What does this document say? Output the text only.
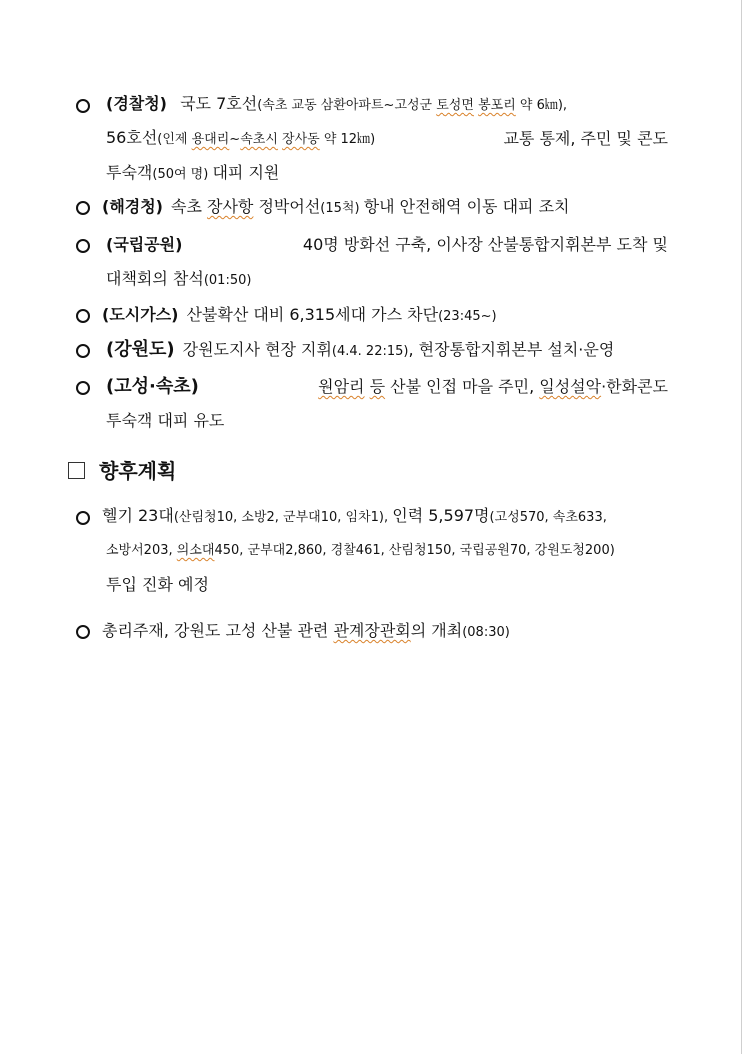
(경찰청) 국도 7호선(속초 교동 삼환아파트~고성군 토성면 봉포리 약 6㎞),
56호선(인제 용대리~속초시 장사동 약 12㎞)	교통 통제, 주민 및 콘도
투숙객(50여 명) 대피 지원
(해경청) 속초 장사항 정박어선(15척) 항내 안전해역 이동 대피 조치
(국립공원)	40명 방화선 구축, 이사장 산불통합지휘본부 도착 및
대책회의 참석(01:50)
(도시가스) 산불확산 대비 6,315세대 가스 차단(23:45~)
(강원도) 강원도지사 현장 지휘(4.4. 22:15), 현장통합지휘본부 설치·운영
(고성·속초)	원암리 등 산불 인접 마을 주민, 일성설악·한화콘도
투숙객 대피 유도
향후계획
헬기 23대(산림청10, 소방2, 군부대10, 임차1), 인력 5,597명(고성570, 속초633,
소방서203, 의소대450, 군부대2,860, 경찰461, 산림청150, 국립공원70, 강원도청200)
투입 진화 예정
총리주재, 강원도 고성 산불 관련 관계장관회의 개최(08:30)
